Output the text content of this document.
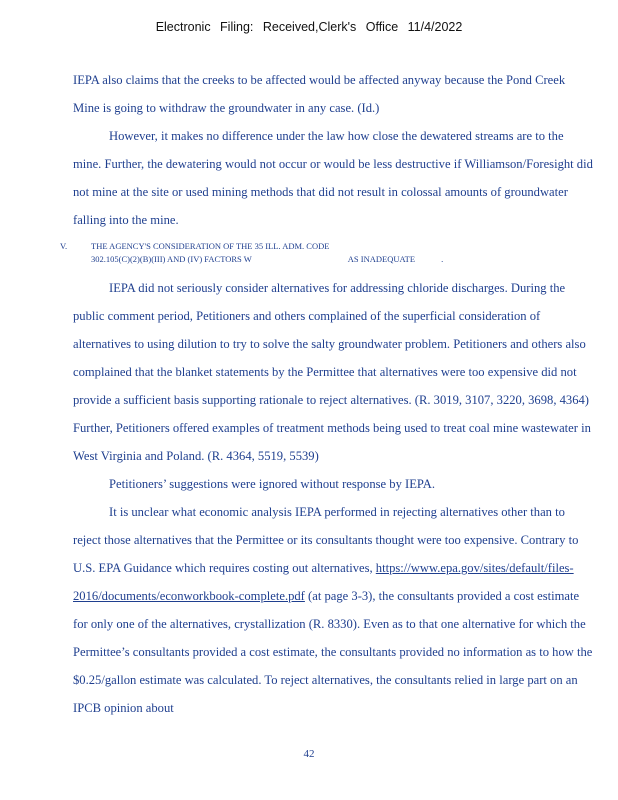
Electronic Filing: Received,Clerk's Office 11/4/2022

IEPA also claims that the creeks to be affected would be affected anyway because the Pond Creek Mine is going to withdraw the groundwater in any case. (Id.)

However, it makes no difference under the law how close the dewatered streams are to the mine. Further, the dewatering would not occur or would be less destructive if Williamson/Foresight did not mine at the site or used mining methods that did not result in colossal amounts of groundwater falling into the mine.

V.	THE AGENCY'S CONSIDERATION OF THE 35 ILL. ADM. CODE
302.105(C)(2)(B)(III) AND (IV) FACTORS W	AS INADEQUATE	.

IEPA did not seriously consider alternatives for addressing chloride discharges. During the public comment period, Petitioners and others complained of the superficial consideration of alternatives to using dilution to try to solve the salty groundwater problem. Petitioners and others also complained that the blanket statements by the Permittee that alternatives were too expensive did not provide a sufficient basis supporting rationale to reject alternatives. (R. 3019, 3107, 3220, 3698, 4364) Further, Petitioners offered examples of treatment methods being used to treat coal mine wastewater in West Virginia and Poland. (R. 4364, 5519, 5539)

Petitioners’ suggestions were ignored without response by IEPA.

It is unclear what economic analysis IEPA performed in rejecting alternatives other than to reject those alternatives that the Permittee or its consultants thought were too expensive. Contrary to U.S. EPA Guidance which requires costing out alternatives, https://www.epa.gov/sites/default/files-2016/documents/econworkbook-complete.pdf (at page 3-3), the consultants provided a cost estimate for only one of the alternatives, crystallization (R. 8330). Even as to that one alternative for which the Permittee’s consultants provided a cost estimate, the consultants provided no information as to how the $0.25/gallon estimate was calculated. To reject alternatives, the consultants relied in large part on an IPCB opinion about

42
